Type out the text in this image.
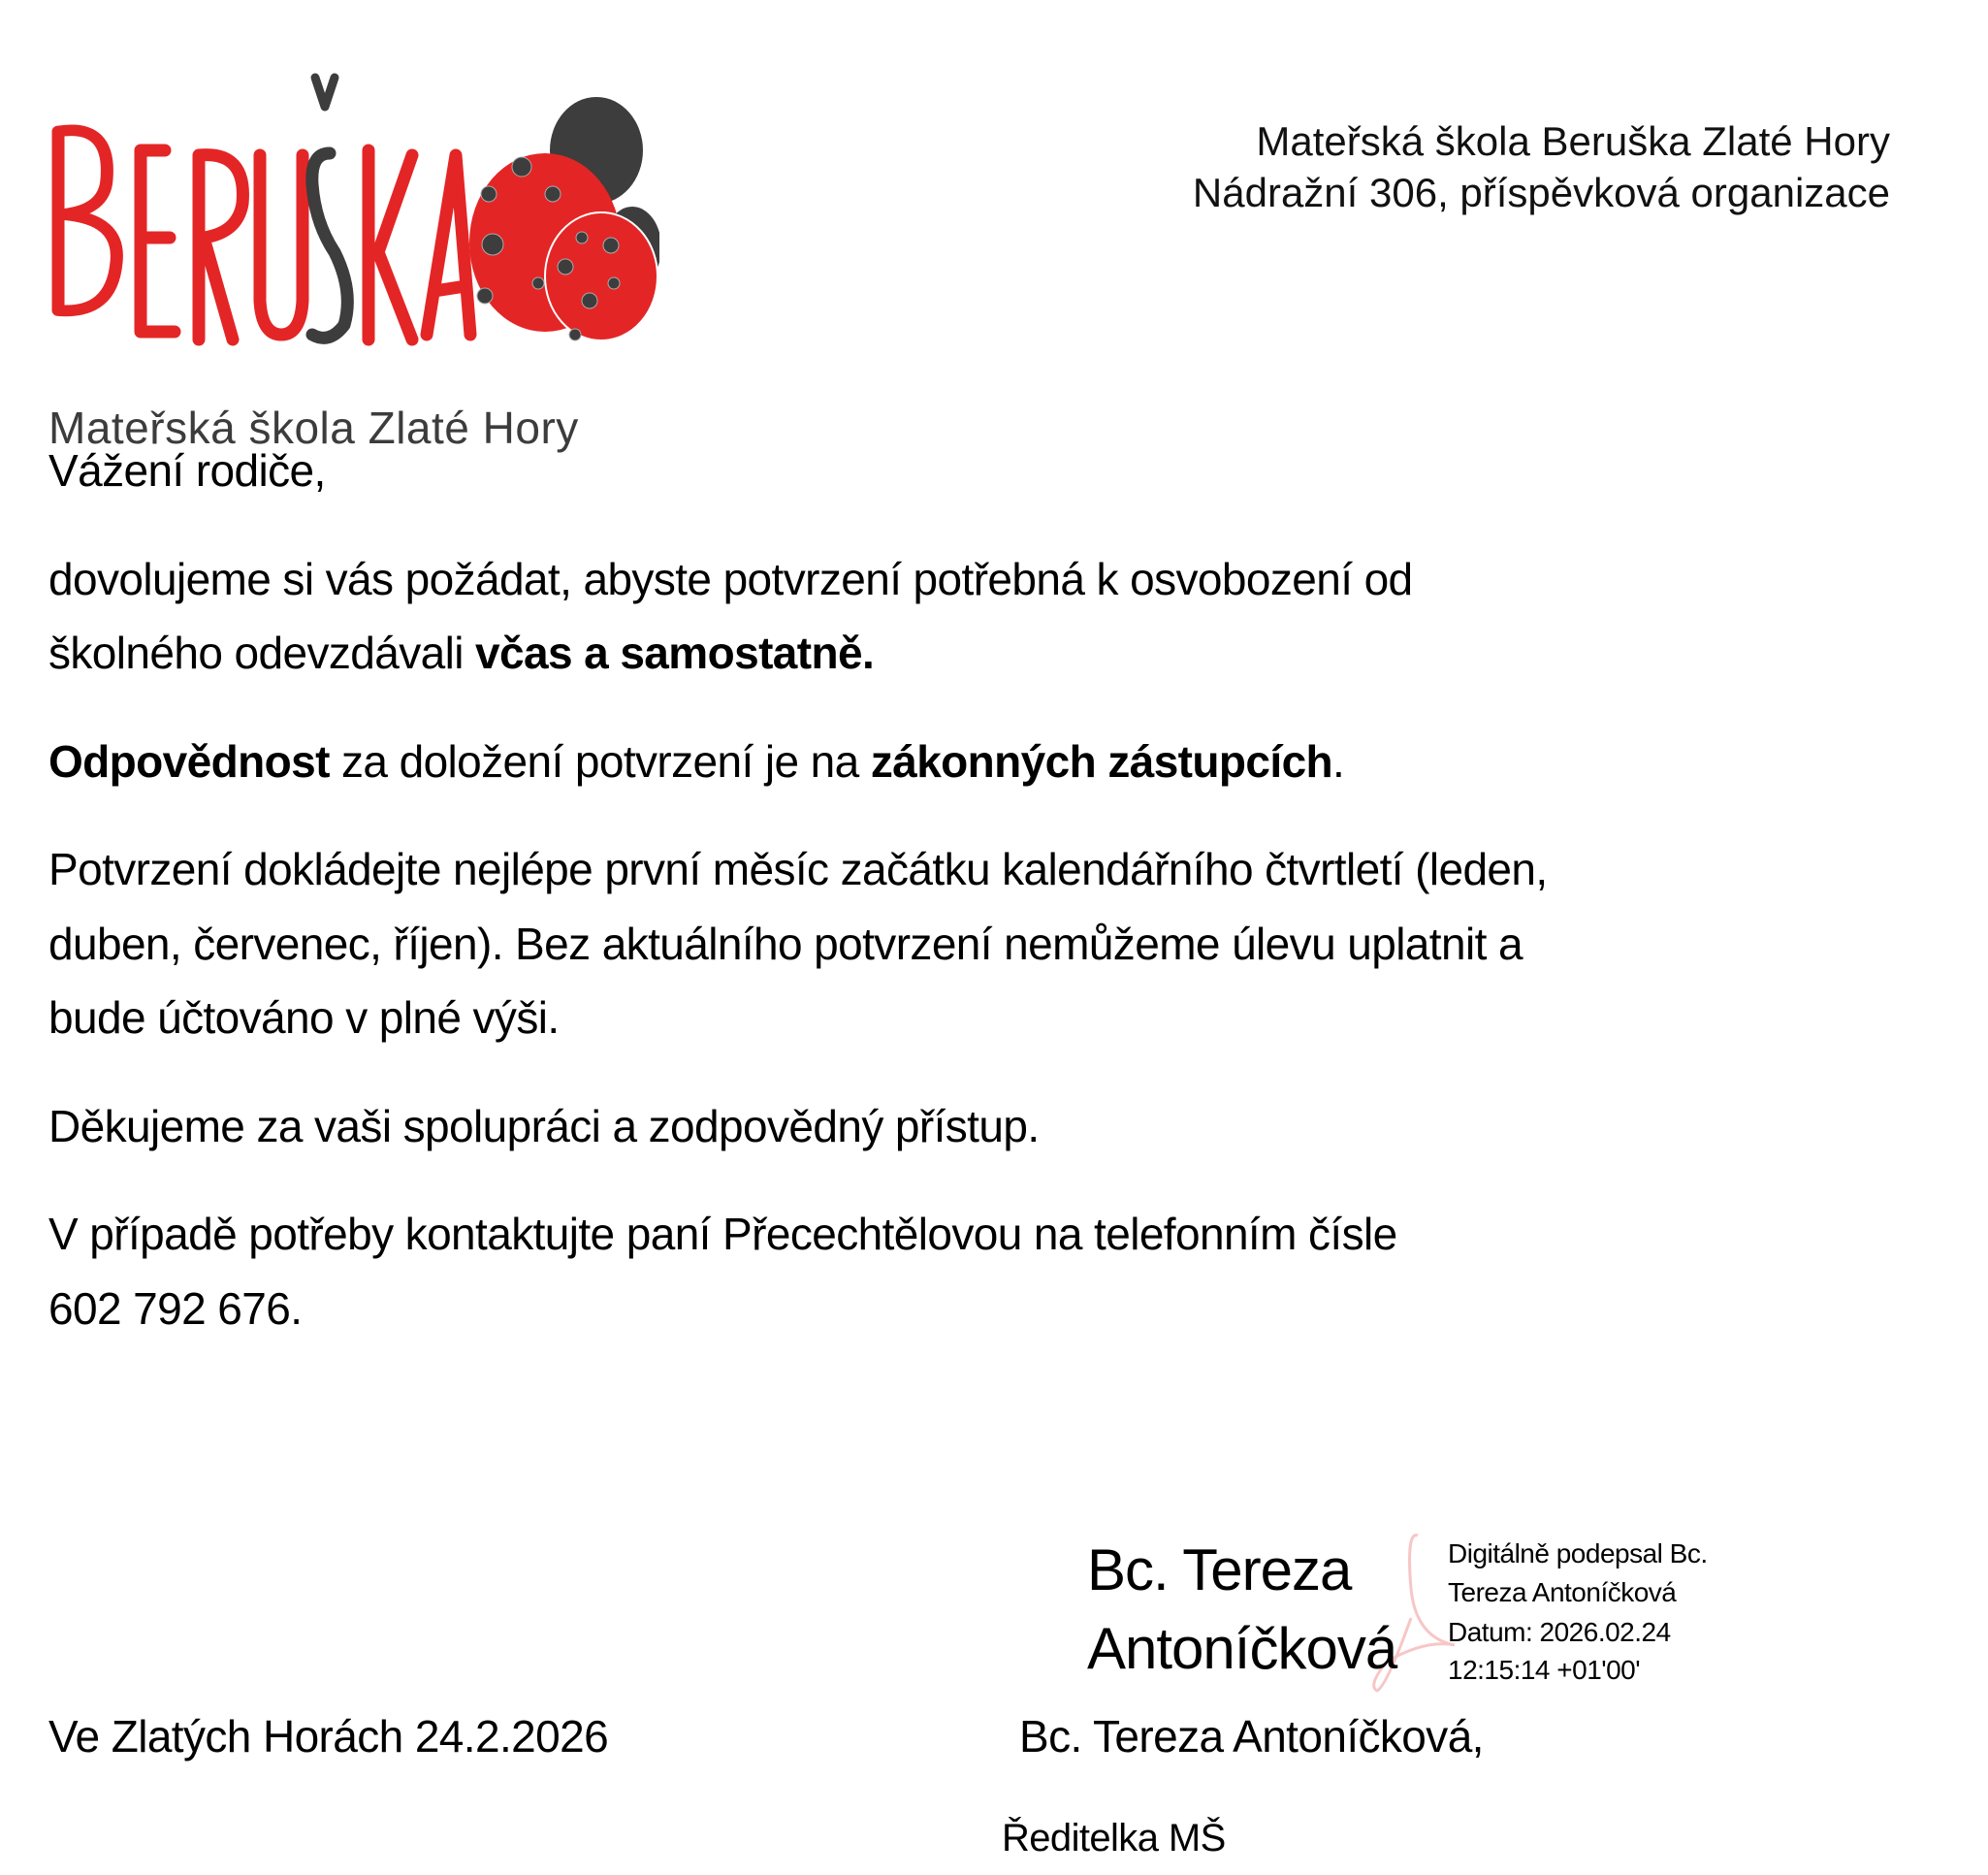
Mateřská škola Zlaté Hory
Mateřská škola Beruška Zlaté Hory
Nádražní 306, příspěvková organizace
Vážení rodiče,
dovolujeme si vás požádat, abyste potvrzení potřebná k osvobození od
školného odevzdávali včas a samostatně.
Odpovědnost za doložení potvrzení je na zákonných zástupcích.
Potvrzení dokládejte nejlépe první měsíc začátku kalendářního čtvrtletí (leden,
duben, červenec, říjen). Bez aktuálního potvrzení nemůžeme úlevu uplatnit a
bude účtováno v plné výši.
Děkujeme za vaši spolupráci a zodpovědný přístup.
V případě potřeby kontaktujte paní Přecechtělovou na telefonním čísle
602 792 676.
Bc. Tereza
Antoníčková
Digitálně podepsal Bc.
Tereza Antoníčková
Datum: 2026.02.24
12:15:14 +01'00'
Ve Zlatých Horách 24.2.2026	Bc. Tereza Antoníčková,
Ředitelka MŠ
